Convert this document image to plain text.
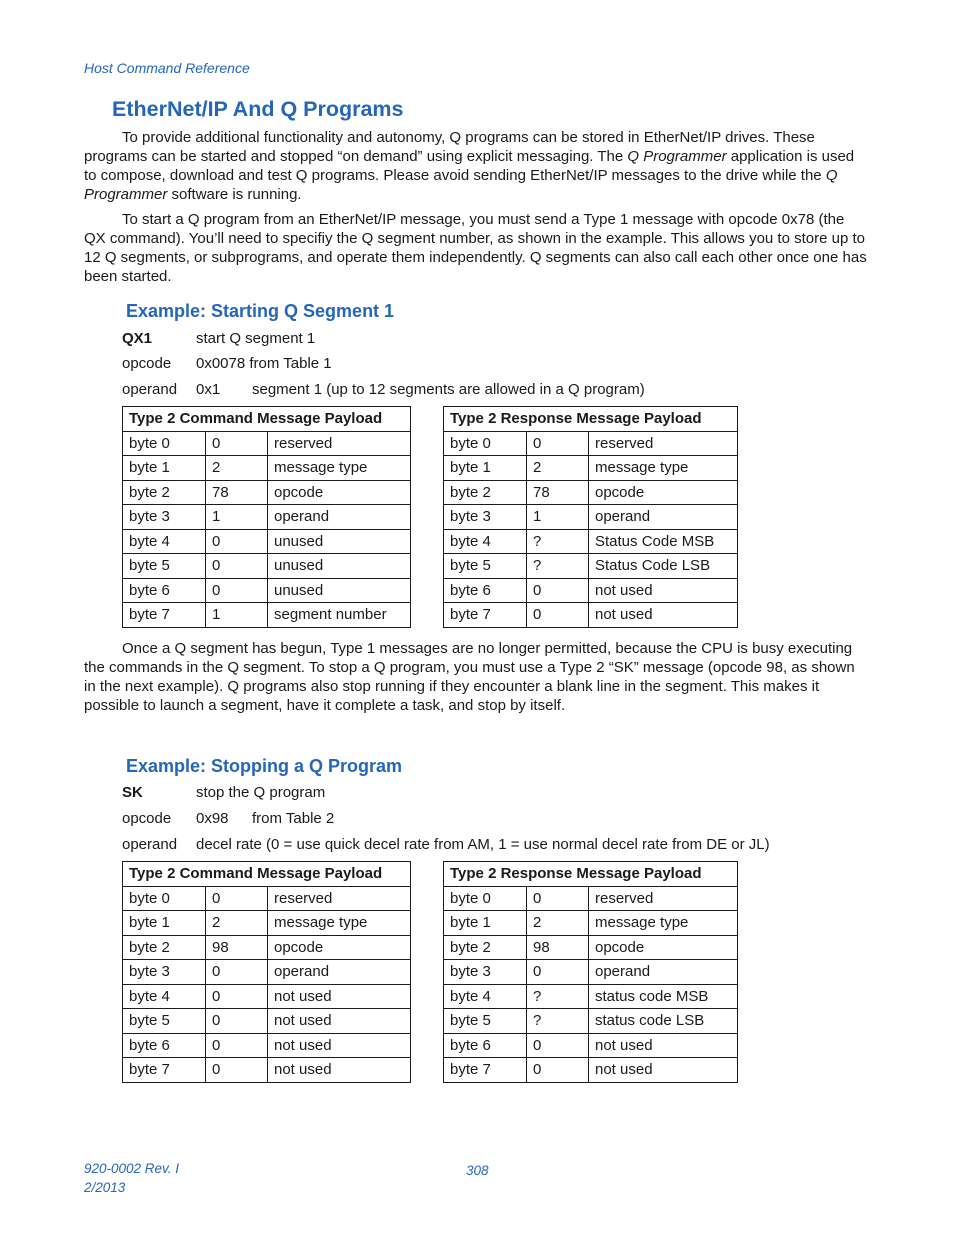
Host Command Reference
EtherNet/IP And Q Programs

To provide additional functionality and autonomy, Q programs can be stored in EtherNet/IP drives. These programs can be started and stopped “on demand” using explicit messaging. The Q Programmer application is used to compose, download and test Q programs. Please avoid sending EtherNet/IP messages to the drive while the Q Programmer software is running.

To start a Q program from an EtherNet/IP message, you must send a Type 1 message with opcode 0x78 (the QX command). You’ll need to specifiy the Q segment number, as shown in the example. This allows you to store up to 12 Q segments, or subprograms, and operate them independently. Q segments can also call each other once one has been started.

Example: Starting Q Segment 1
QX1	start Q segment 1
opcode 0x0078 from Table 1
operand 0x1 segment 1 (up to 12 segments are allowed in a Q program)
Type 2 Command Message Payload		
byte 0	0	reserved
byte 1	2	message type
byte 2	78	opcode
byte 3	1	operand
byte 4	0	unused
byte 5	0	unused
byte 6	0	unused
byte 7	1	segment number
Type 2 Response Message Payload		
byte 0	0	reserved
byte 1	2	message type
byte 2	78	opcode
byte 3	1	operand
byte 4	?	Status Code MSB
byte 5	?	Status Code LSB
byte 6	0	not used
byte 7	0	not used

Once a Q segment has begun, Type 1 messages are no longer permitted, because the CPU is busy executing the commands in the Q segment. To stop a Q program, you must use a Type 2 “SK” message (opcode 98, as shown in the next example). Q programs also stop running if they encounter a blank line in the segment. This makes it possible to launch a segment, have it complete a task, and stop by itself.

Example: Stopping a Q Program
SK	stop the Q program
opcode 0x98 from Table 2
operand decel rate (0 = use quick decel rate from AM, 1 = use normal decel rate from DE or JL)
Type 2 Command Message Payload		
byte 0	0	reserved
byte 1	2	message type
byte 2	98	opcode
byte 3	0	operand
byte 4	0	not used
byte 5	0	not used
byte 6	0	not used
byte 7	0	not used
Type 2 Response Message Payload		
byte 0	0	reserved
byte 1	2	message type
byte 2	98	opcode
byte 3	0	operand
byte 4	?	status code MSB
byte 5	?	status code LSB
byte 6	0	not used
byte 7	0	not used
920-0002 Rev. I
2/2013
308
